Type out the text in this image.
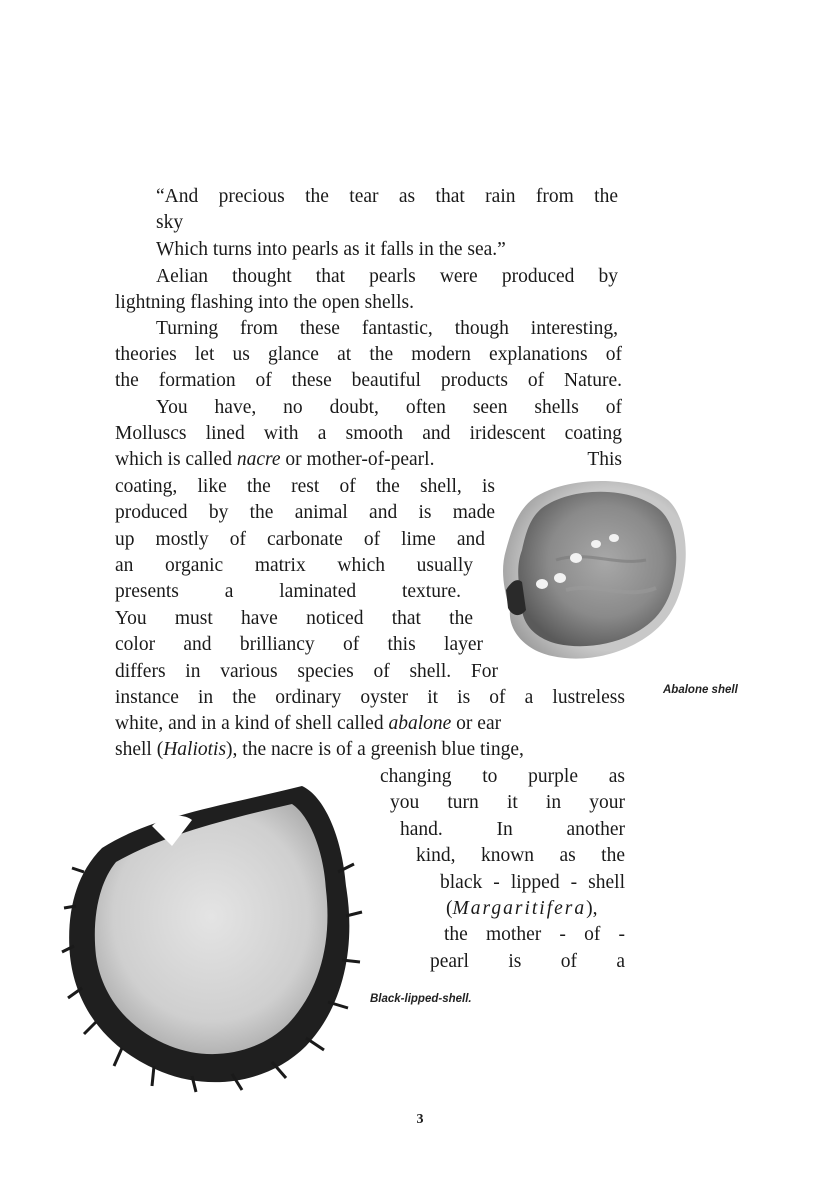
“And precious the tear as that rain from the
sky
Which turns into pearls as it falls in the sea.”
Aelian thought that pearls were produced by
lightning flashing into the open shells.
Turning from these fantastic, though interesting,
theories let us glance at the modern explanations of
the formation of these beautiful products of Nature.
You have, no doubt, often seen shells of
Molluscs lined with a smooth and iridescent coating
which is called nacre or mother-of-pearl.	This
coating, like the rest of the shell, is
produced by the animal and is made
up mostly of carbonate of lime and
an organic matrix which usually
presents a laminated texture.
You must have noticed that the
color and brilliancy of this layer
differs in various species of shell. For
instance in the ordinary oyster it is of a lustreless
white, and in a kind of shell called abalone or ear
shell (Haliotis), the nacre is of a greenish blue tinge,
changing to purple as
you turn it in your
hand. In another
kind, known as the
black - lipped - shell
(Margaritifera),
the mother - of -
pearl is of a
Abalone shell
Black-lipped-shell.
3
